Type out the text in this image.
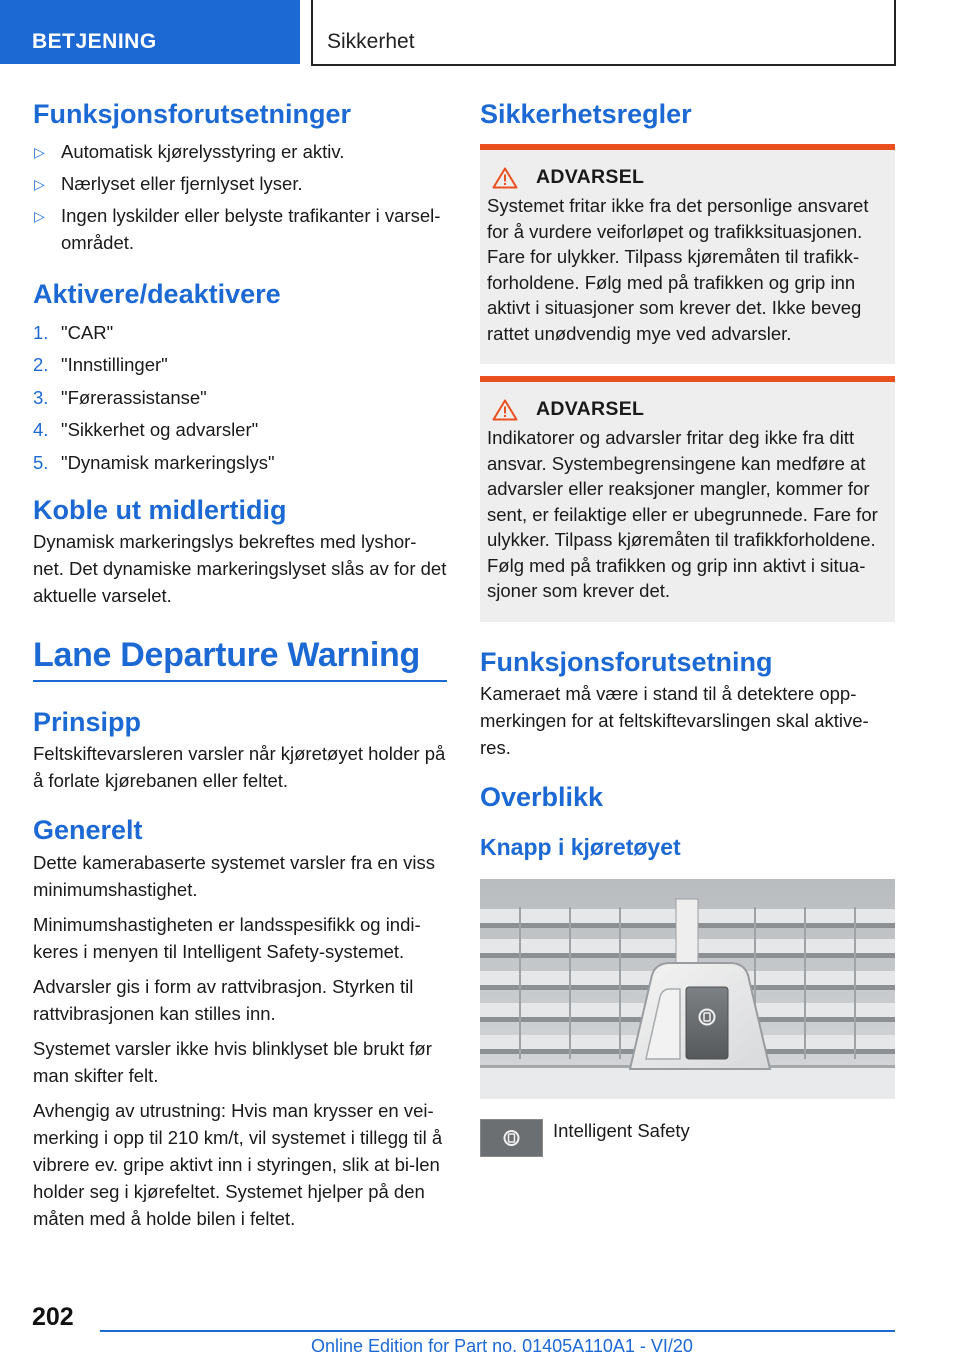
BETJENING	Sikkerhet
Funksjonsforutsetninger
▷ Automatisk kjørelysstyring er aktiv.
▷ Nærlyset eller fjernlyset lyser.
▷ Ingen lyskilder eller belyste trafikanter i varsel-området.
Aktivere/deaktivere
1. "CAR"
2. "Innstillinger"
3. "Førerassistanse"
4. "Sikkerhet og advarsler"
5. "Dynamisk markeringslys"
Koble ut midlertidig

Dynamisk markeringslys bekreftes med lyshor-net. Det dynamiske markeringslyset slås av for det aktuelle varselet.

Lane Departure Warning
Prinsipp

Feltskiftevarsleren varsler når kjøretøyet holder på å forlate kjørebanen eller feltet.

Generelt

Dette kamerabaserte systemet varsler fra en viss minimumshastighet.

Minimumshastigheten er landsspesifikk og indi-keres i menyen til Intelligent Safety-systemet.

Advarsler gis i form av rattvibrasjon. Styrken til rattvibrasjonen kan stilles inn.

Systemet varsler ikke hvis blinklyset ble brukt før man skifter felt.

Avhengig av utrustning: Hvis man krysser en vei-merking i opp til 210 km/t, vil systemet i tillegg til å vibrere ev. gripe aktivt inn i styringen, slik at bi-len holder seg i kjørefeltet. Systemet hjelper på den måten med å holde bilen i feltet.

Sikkerhetsregler
ADVARSEL

Systemet fritar ikke fra det personlige ansvaret for å vurdere veiforløpet og trafikksituasjonen. Fare for ulykker. Tilpass kjøremåten til trafikk-forholdene. Følg med på trafikken og grip inn aktivt i situasjoner som krever det. Ikke beveg rattet unødvendig mye ved advarsler.

ADVARSEL

Indikatorer og advarsler fritar deg ikke fra ditt ansvar. Systembegrensingene kan medføre at advarsler eller reaksjoner mangler, kommer for sent, er feilaktige eller er ubegrunnede. Fare for ulykker. Tilpass kjøremåten til trafikkforholdene. Følg med på trafikken og grip inn aktivt i situa-sjoner som krever det.

Funksjonsforutsetning

Kameraet må være i stand til å detektere opp-merkingen for at feltskiftevarslingen skal aktive-res.

Overblikk
Knapp i kjøretøyet
Intelligent Safety
202
Online Edition for Part no. 01405A110A1 - VI/20
